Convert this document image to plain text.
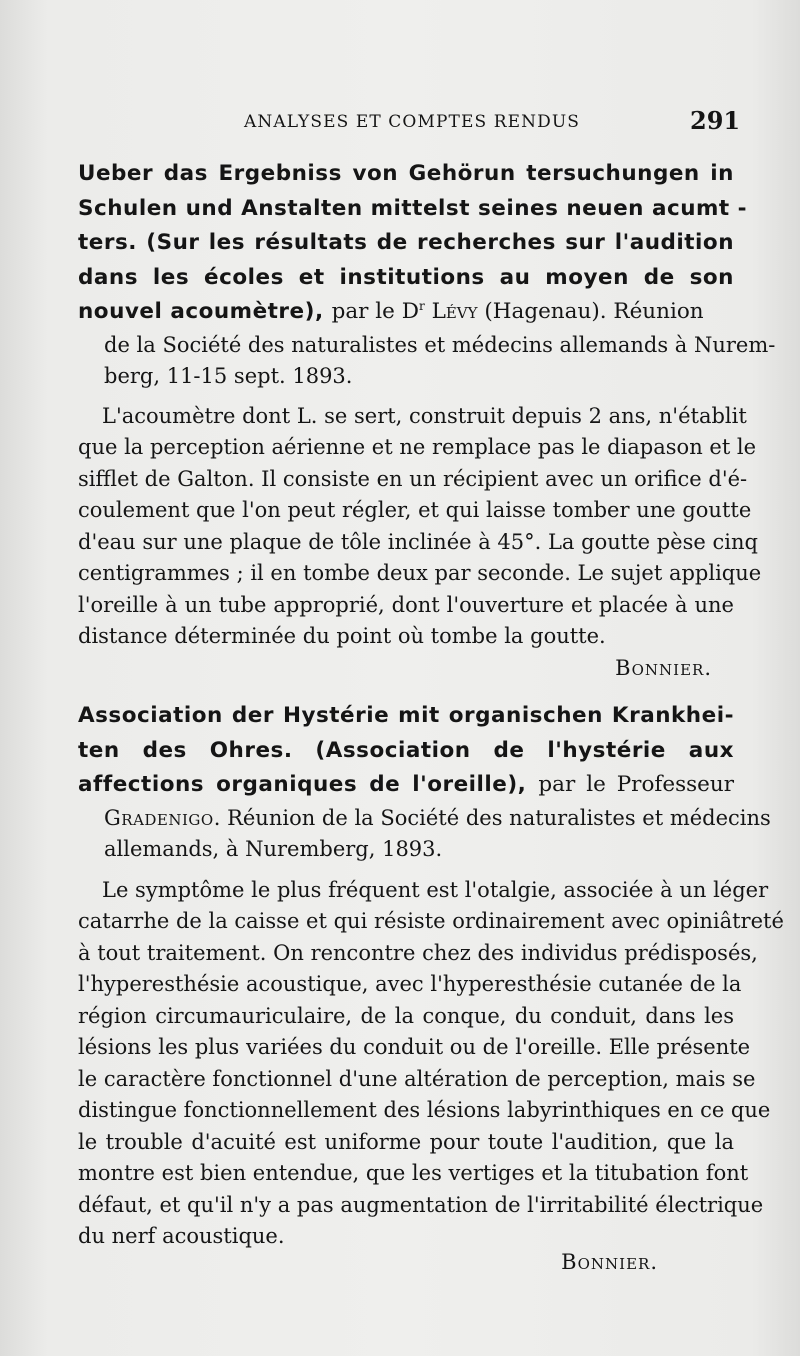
ANALYSES ET COMPTES RENDUS	291
Ueber das Ergebniss von Gehörun tersuchungen in
Schulen und Anstalten mittelst seines neuen acumt -
ters. (Sur les résultats de recherches sur l'audition
dans les écoles et institutions au moyen de son
nouvel acoumètre), par le $D^r$ Lévy (Hagenau). Réunion
de la Société des naturalistes et médecins allemands à Nurem-
berg, 11-15 sept. 1893.
L'acoumètre dont L. se sert, construit depuis 2 ans, n'établit
que la perception aérienne et ne remplace pas le diapason et le
sifflet de Galton. Il consiste en un récipient avec un orifice d'é-
coulement que l'on peut régler, et qui laisse tomber une goutte
d'eau sur une plaque de tôle inclinée à 45°. La goutte pèse cinq
centigrammes ; il en tombe deux par seconde. Le sujet applique
l'oreille à un tube approprié, dont l'ouverture et placée à une
distance déterminée du point où tombe la goutte.
Bonnier.
Association der Hystérie mit organischen Krankhei-
ten des Ohres. (Association de l'hystérie aux
affections organiques de l'oreille), par le Professeur
Gradenigo. Réunion de la Société des naturalistes et médecins
allemands, à Nuremberg, 1893.
Le symptôme le plus fréquent est l'otalgie, associée à un léger
catarrhe de la caisse et qui résiste ordinairement avec opiniâtreté
à tout traitement. On rencontre chez des individus prédisposés,
l'hyperesthésie acoustique, avec l'hyperesthésie cutanée de la
région circumauriculaire, de la conque, du conduit, dans les
lésions les plus variées du conduit ou de l'oreille. Elle présente
le caractère fonctionnel d'une altération de perception, mais se
distingue fonctionnellement des lésions labyrinthiques en ce que
le trouble d'acuité est uniforme pour toute l'audition, que la
montre est bien entendue, que les vertiges et la titubation font
défaut, et qu'il n'y a pas augmentation de l'irritabilité électrique
du nerf acoustique.
Bonnier.
